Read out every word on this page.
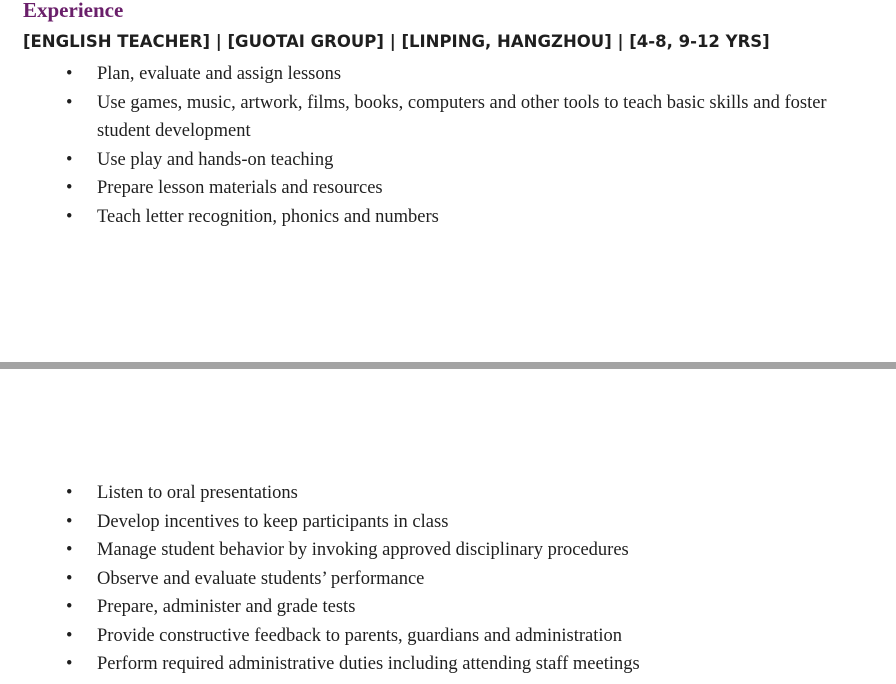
Experience

[ENGLISH TEACHER] | [GUOTAI GROUP] | [LINPING, HANGZHOU] | [4-8, 9-12 YRS]

• Plan, evaluate and assign lessons
• Use games, music, artwork, films, books, computers and other tools to teach basic skills and foster student development
• Use play and hands-on teaching
• Prepare lesson materials and resources
• Teach letter recognition, phonics and numbers
• Listen to oral presentations
• Develop incentives to keep participants in class
• Manage student behavior by invoking approved disciplinary procedures
• Observe and evaluate students’ performance
• Prepare, administer and grade tests
• Provide constructive feedback to parents, guardians and administration
• Perform required administrative duties including attending staff meetings
